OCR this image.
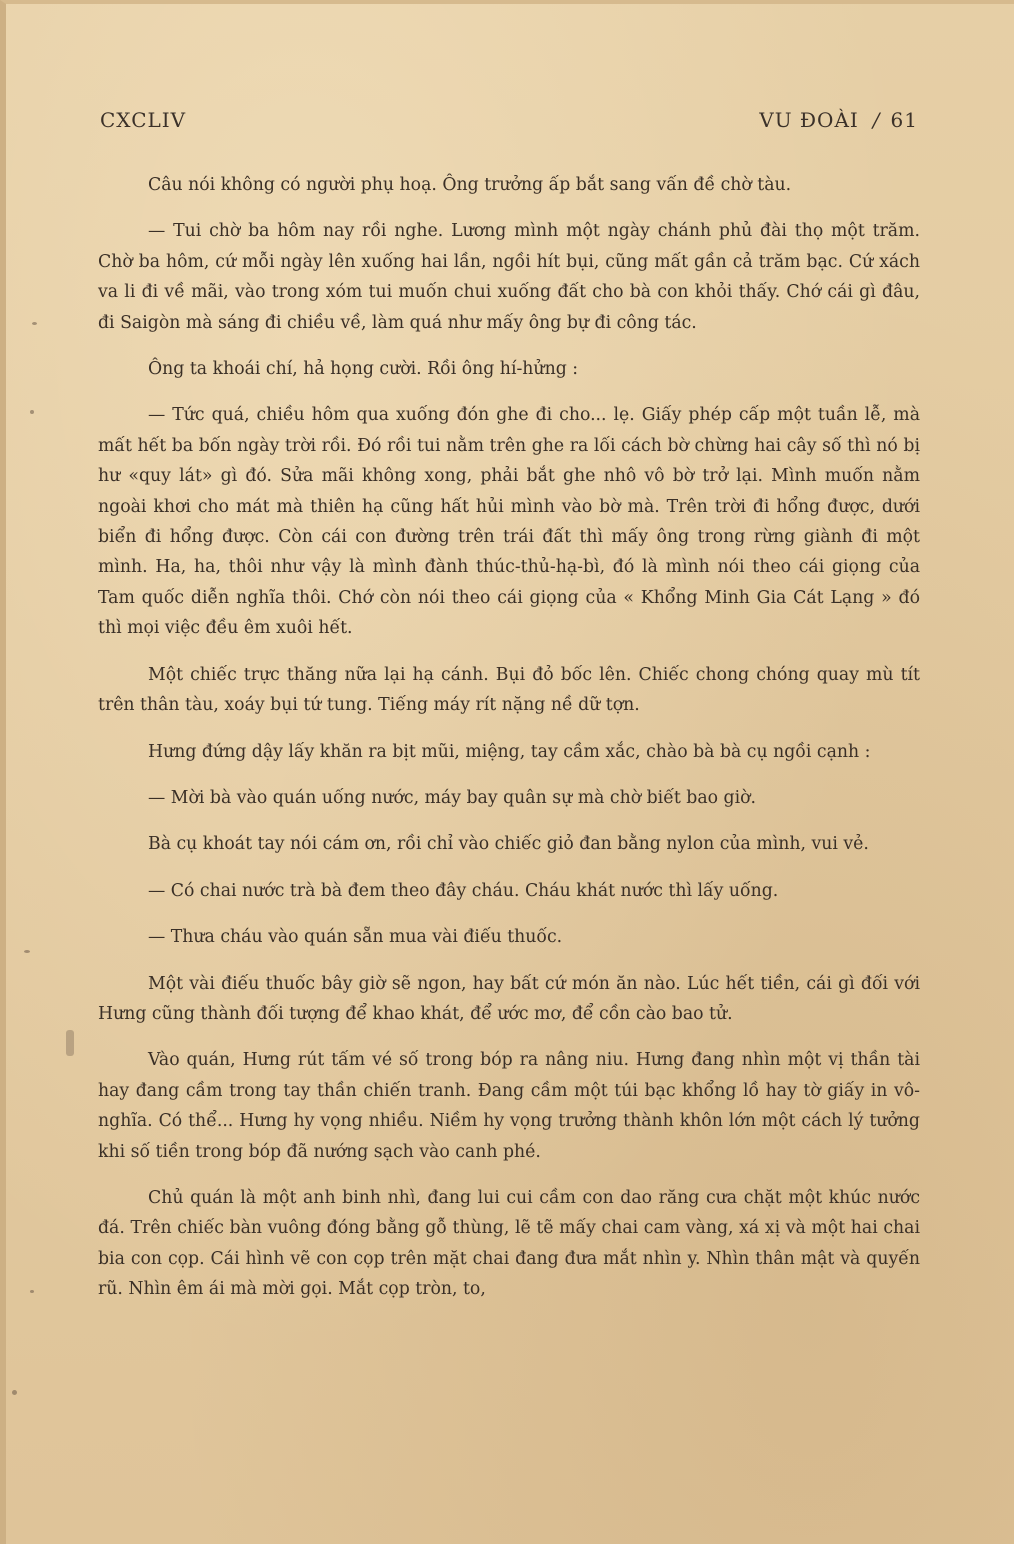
CXCLIV	VU ĐOÀI / 61

Câu nói không có người phụ hoạ. Ông trưởng ấp bắt sang vấn đề chờ tàu.

— Tui chờ ba hôm nay rồi nghe. Lương mình một ngày chánh phủ đài thọ một trăm. Chờ ba hôm, cứ mỗi ngày lên xuống hai lần, ngồi hít bụi, cũng mất gần cả trăm bạc. Cứ xách va li đi về mãi, vào trong xóm tui muốn chui xuống đất cho bà con khỏi thấy. Chớ cái gì đâu, đi Saigòn mà sáng đi chiều về, làm quá như mấy ông bự đi công tác.

Ông ta khoái chí, hả họng cười. Rồi ông hí-hửng :

— Tức quá, chiều hôm qua xuống đón ghe đi cho... lẹ. Giấy phép cấp một tuần lễ, mà mất hết ba bốn ngày trời rồi. Đó rồi tui nằm trên ghe ra lối cách bờ chừng hai cây số thì nó bị hư «quy lát» gì đó. Sửa mãi không xong, phải bắt ghe nhô vô bờ trở lại. Mình muốn nằm ngoài khơi cho mát mà thiên hạ cũng hất hủi mình vào bờ mà. Trên trời đi hổng được, dưới biển đi hổng được. Còn cái con đường trên trái đất thì mấy ông trong rừng giành đi một mình. Ha, ha, thôi như vậy là mình đành thúc-thủ-hạ-bì, đó là mình nói theo cái giọng của Tam quốc diễn nghĩa thôi. Chớ còn nói theo cái giọng của « Khổng Minh Gia Cát Lạng » đó thì mọi việc đều êm xuôi hết.

Một chiếc trực thăng nữa lại hạ cánh. Bụi đỏ bốc lên. Chiếc chong chóng quay mù tít trên thân tàu, xoáy bụi tứ tung. Tiếng máy rít nặng nề dữ tợn.

Hưng đứng dậy lấy khăn ra bịt mũi, miệng, tay cầm xắc, chào bà bà cụ ngồi cạnh :

— Mời bà vào quán uống nước, máy bay quân sự mà chờ biết bao giờ.

Bà cụ khoát tay nói cám ơn, rồi chỉ vào chiếc giỏ đan bằng nylon của mình, vui vẻ.

— Có chai nước trà bà đem theo đây cháu. Cháu khát nước thì lấy uống.

— Thưa cháu vào quán sẵn mua vài điếu thuốc.

Một vài điếu thuốc bây giờ sẽ ngon, hay bất cứ món ăn nào. Lúc hết tiền, cái gì đối với Hưng cũng thành đối tượng để khao khát, để ước mơ, để cồn cào bao tử.

Vào quán, Hưng rút tấm vé số trong bóp ra nâng niu. Hưng đang nhìn một vị thần tài hay đang cầm trong tay thần chiến tranh. Đang cầm một túi bạc khổng lồ hay tờ giấy in vô-nghĩa. Có thể... Hưng hy vọng nhiều. Niềm hy vọng trưởng thành khôn lớn một cách lý tưởng khi số tiền trong bóp đã nướng sạch vào canh phé.

Chủ quán là một anh binh nhì, đang lui cui cầm con dao răng cưa chặt một khúc nước đá. Trên chiếc bàn vuông đóng bằng gỗ thùng, lẽ tẽ mấy chai cam vàng, xá xị và một hai chai bia con cọp. Cái hình vẽ con cọp trên mặt chai đang đưa mắt nhìn y. Nhìn thân mật và quyến rũ. Nhìn êm ái mà mời gọi. Mắt cọp tròn, to,
